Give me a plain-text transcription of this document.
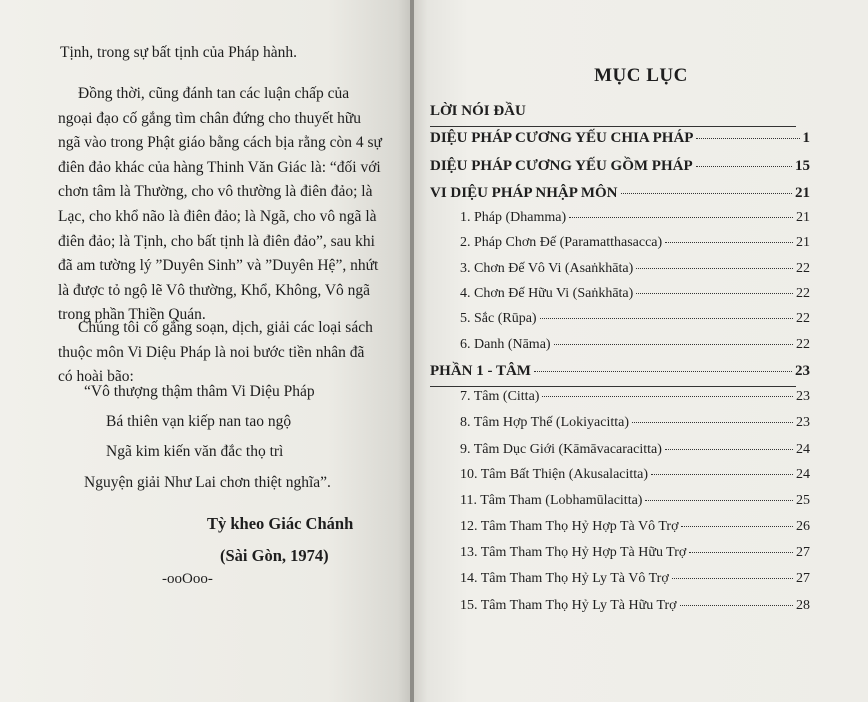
Tịnh, trong sự bất tịnh của Pháp hành.

Đồng thời, cũng đánh tan các luận chấp của
ngoại đạo cố gắng tìm chân đứng cho thuyết hữu
ngã vào trong Phật giáo bằng cách bịa rằng còn 4 sự
điên đảo khác của hàng Thinh Văn Giác là: “đối với
chơn tâm là Thường, cho vô thường là điên đảo; là
Lạc, cho khổ não là điên đảo; là Ngã, cho vô ngã là
điên đảo; là Tịnh, cho bất tịnh là điên đảo”, sau khi
đã am tường lý ”Duyên Sinh” và ”Duyên Hệ”, nhứt
là được tỏ ngộ lẽ Vô thường, Khổ, Không, Vô ngã
trong phần Thiền Quán.

Chúng tôi cố gắng soạn, dịch, giải các loại sách
thuộc môn Vi Diệu Pháp là noi bước tiền nhân đã
có hoài bão:

“Vô thượng thậm thâm Vi Diệu Pháp
Bá thiên vạn kiếp nan tao ngộ
Ngã kim kiến văn đắc thọ trì
Nguyện giải Như Lai chơn thiệt nghĩa”.
Tỳ kheo Giác Chánh
(Sài Gòn, 1974)
-ooOoo-
MỤC LỤC
LỜI NÓI ĐẦU
DIỆU PHÁP CƯƠNG YẾU CHIA PHÁP	1
DIỆU PHÁP CƯƠNG YẾU GỒM PHÁP	15
VI DIỆU PHÁP NHẬP MÔN	21
1. Pháp (Dhamma)	21
2. Pháp Chơn Đế (Paramatthasacca)	21
3. Chơn Đế Vô Vi (Asaṅkhāta)	22
4. Chơn Đế Hữu Vi (Saṅkhāta)	22
5. Sắc (Rūpa)	22
6. Danh (Nāma)	22
PHẦN 1 - TÂM	23
7. Tâm (Citta)	23
8. Tâm Hợp Thế (Lokiyacitta)	23
9. Tâm Dục Giới (Kāmāvacaracitta)	24
10. Tâm Bất Thiện (Akusalacitta)	24
11. Tâm Tham (Lobhamūlacitta)	25
12. Tâm Tham Thọ Hỷ Hợp Tà Vô Trợ	26
13. Tâm Tham Thọ Hỷ Hợp Tà Hữu Trợ	27
14. Tâm Tham Thọ Hỷ Ly Tà Vô Trợ	27
15. Tâm Tham Thọ Hỷ Ly Tà Hữu Trợ	28
